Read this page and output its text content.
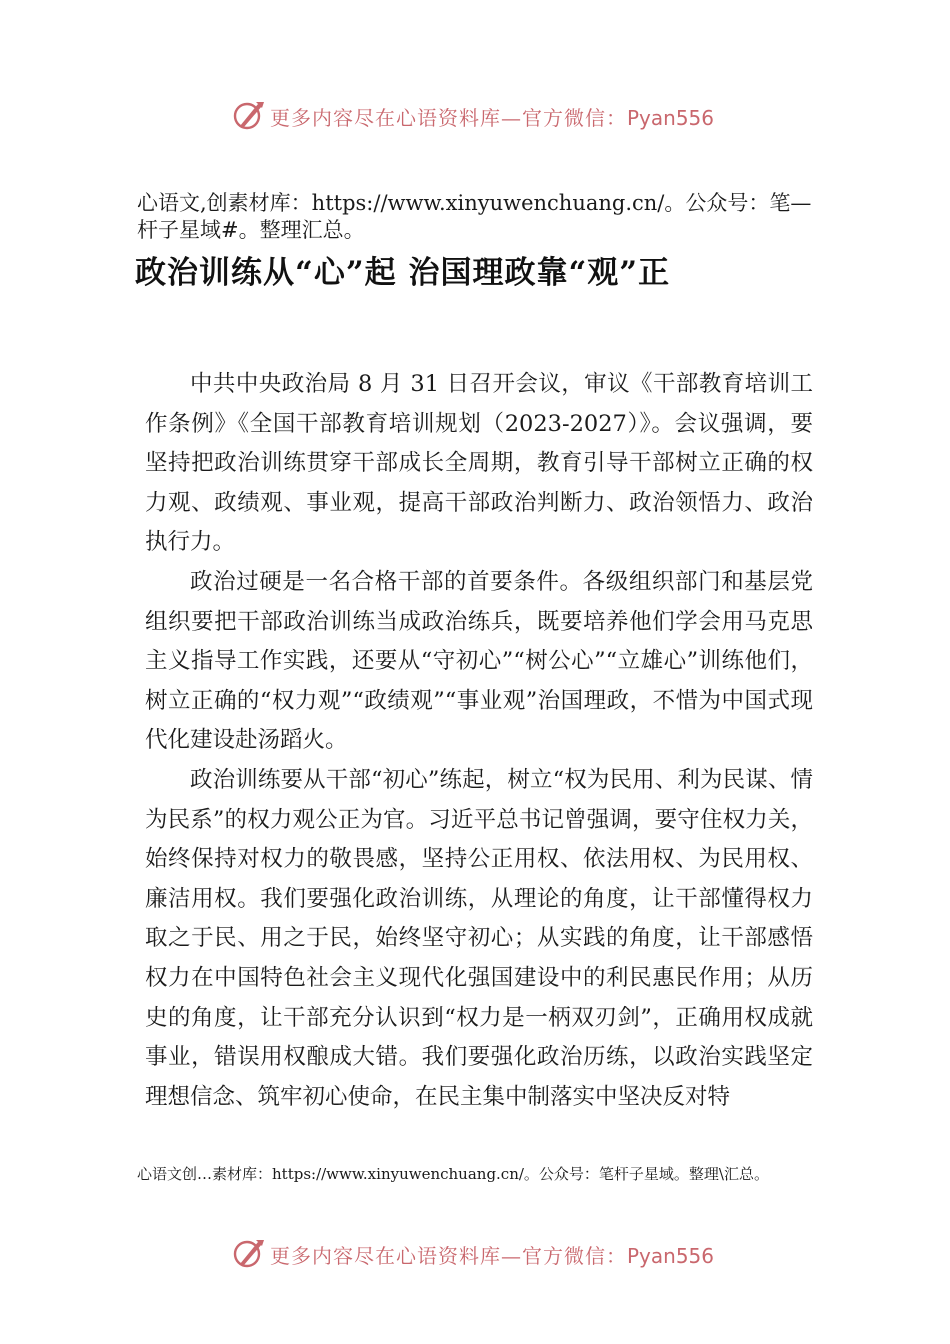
更多内容尽在心语资料库—官方微信：Pyan556
心语文,创素材库：https://www.xinyuwenchuang.cn/。公众号：笔—杆子星域#。整理汇总。
政治训练从“心”起 治国理政靠“观”正

中共中央政治局 8 月 31 日召开会议，审议《干部教育培训工作条例》《全国干部教育培训规划（2023-2027）》。会议强调，要坚持把政治训练贯穿干部成长全周期，教育引导干部树立正确的权力观、政绩观、事业观，提高干部政治判断力、政治领悟力、政治执行力。

政治过硬是一名合格干部的首要条件。各级组织部门和基层党组织要把干部政治训练当成政治练兵，既要培养他们学会用马克思主义指导工作实践，还要从“守初心”“树公心”“立雄心”训练他们，树立正确的“权力观”“政绩观”“事业观”治国理政，不惜为中国式现代化建设赴汤蹈火。

政治训练要从干部“初心”练起，树立“权为民用、利为民谋、情为民系”的权力观公正为官。习近平总书记曾强调，要守住权力关，始终保持对权力的敬畏感，坚持公正用权、依法用权、为民用权、廉洁用权。我们要强化政治训练，从理论的角度，让干部懂得权力取之于民、用之于民，始终坚守初心；从实践的角度，让干部感悟权力在中国特色社会主义现代化强国建设中的利民惠民作用；从历史的角度，让干部充分认识到“权力是一柄双刃剑”，正确用权成就事业，错误用权酿成大错。我们要强化政治历练，以政治实践坚定理想信念、筑牢初心使命，在民主集中制落实中坚决反对特

心语文创…素材库：https://www.xinyuwenchuang.cn/。公众号：笔杆子星域。整理\汇总。
更多内容尽在心语资料库—官方微信：Pyan556
